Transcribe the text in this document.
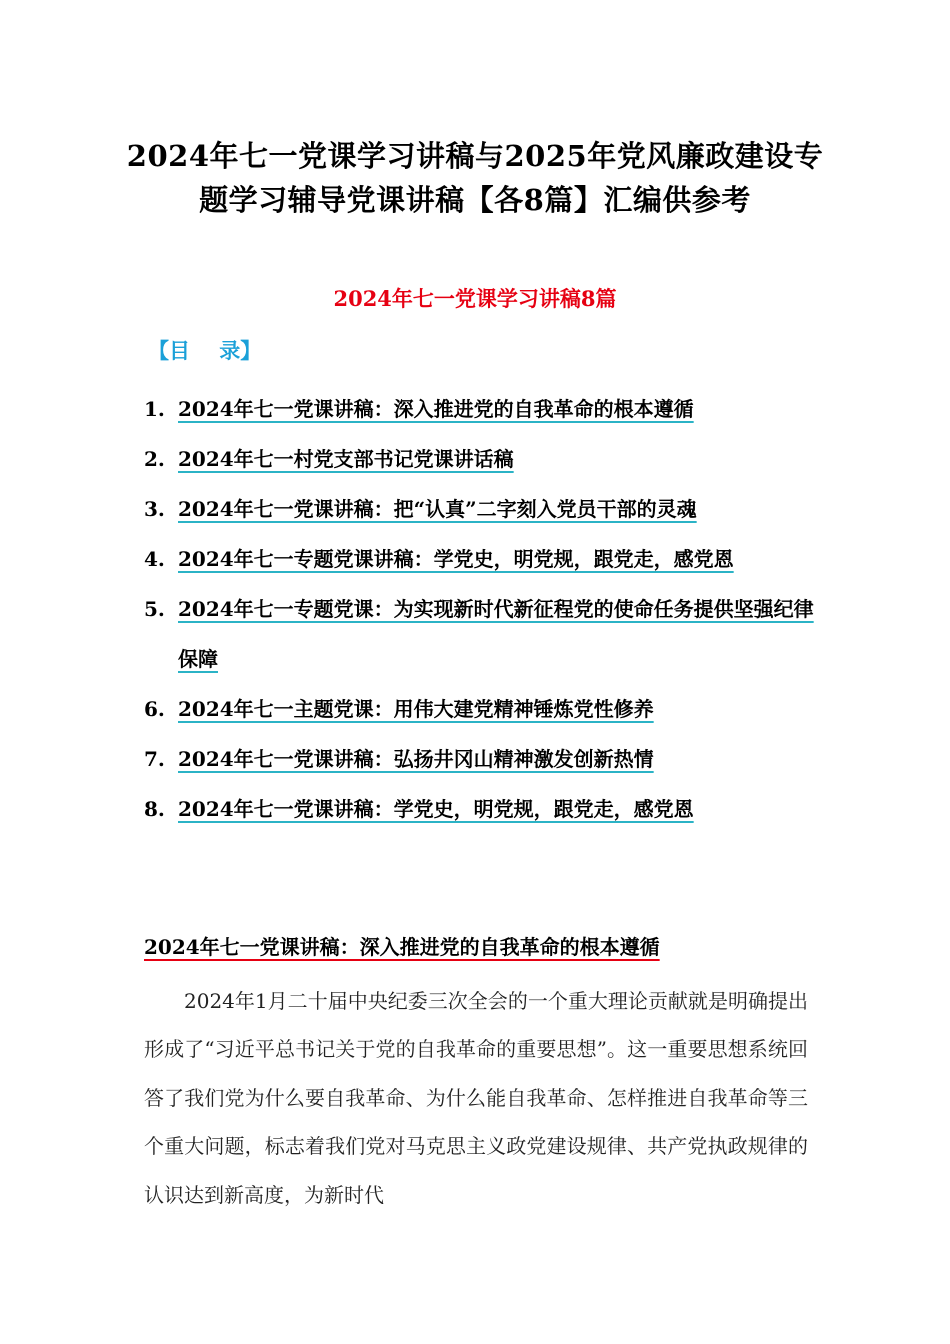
2024年七一党课学习讲稿与2025年党风廉政建设专
题学习辅导党课讲稿【各8篇】汇编供参考
2024年七一党课学习讲稿8篇
【目    录】
1. 2024年七一党课讲稿：深入推进党的自我革命的根本遵循
2. 2024年七一村党支部书记党课讲话稿
3. 2024年七一党课讲稿：把“认真”二字刻入党员干部的灵魂
4. 2024年七一专题党课讲稿：学党史，明党规，跟党走，感党恩
5. 2024年七一专题党课：为实现新时代新征程党的使命任务提供坚强纪律保障
6. 2024年七一主题党课：用伟大建党精神锤炼党性修养
7. 2024年七一党课讲稿：弘扬井冈山精神激发创新热情
8. 2024年七一党课讲稿：学党史，明党规，跟党走，感党恩
2024年七一党课讲稿：深入推进党的自我革命的根本遵循

2024年1月二十届中央纪委三次全会的一个重大理论贡献就是明确提出形成了“习近平总书记关于党的自我革命的重要思想”。这一重要思想系统回答了我们党为什么要自我革命、为什么能自我革命、怎样推进自我革命等三个重大问题，标志着我们党对马克思主义政党建设规律、共产党执政规律的认识达到新高度，为新时代
